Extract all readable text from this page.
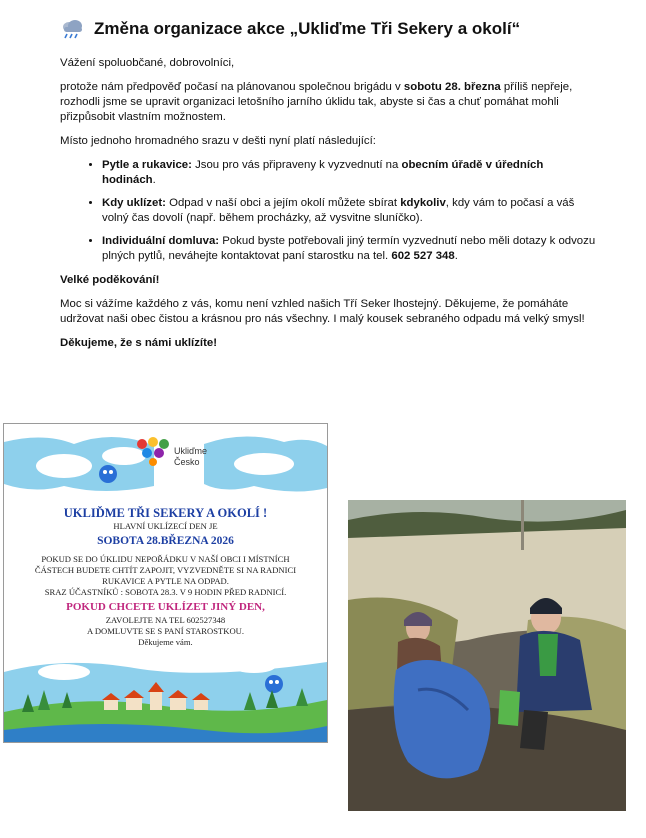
Změna organizace akce „Ukliďme Tři Sekery a okolí“

Vážení spoluobčané, dobrovolníci,

protože nám předpověď počasí na plánovanou společnou brigádu v sobotu 28. března příliš nepřeje, rozhodli jsme se upravit organizaci letošního jarního úklidu tak, abyste si čas a chuť pomáhat mohli přizpůsobit vlastním možnostem.

Místo jednoho hromadného srazu v dešti nyní platí následující:

• Pytle a rukavice: Jsou pro vás připraveny k vyzvednutí na obecním úřadě v úředních hodinách.
• Kdy uklízet: Odpad v naší obci a jejím okolí můžete sbírat kdykoliv, kdy vám to počasí a váš volný čas dovolí (např. během procházky, až vysvitne sluníčko).
• Individuální domluva: Pokud byste potřebovali jiný termín vyzvednutí nebo měli dotazy k odvozu plných pytlů, neváhejte kontaktovat paní starostku na tel. 602 527 348.

Velké poděkování!

Moc si vážíme každého z vás, komu není vzhled našich Tří Seker lhostejný. Děkujeme, že pomáháte udržovat naši obec čistou a krásnou pro nás všechny. I malý kousek sebraného odpadu má velký smysl!

Děkujeme, že s námi uklízíte!

Ukliďme
Česko

UKLIĎME TŘI SEKERY A OKOLÍ !

HLAVNÍ UKLÍZECÍ DEN JE

SOBOTA 28.BŘEZNA 2026

POKUD SE DO ÚKLIDU NEPOŘÁDKU V NAŠÍ OBCI I MÍSTNÍCH

ČÁSTECH BUDETE CHTÍT ZAPOJIT, VYZVEDNĚTE SI NA RADNICI

RUKAVICE A PYTLE NA ODPAD.

SRAZ ÚČASTNÍKŮ : SOBOTA 28.3. V 9 HODIN PŘED RADNICÍ.

POKUD CHCETE UKLÍZET JINÝ DEN,

ZAVOLEJTE NA TEL 602527348

A DOMLUVTE SE S PANÍ STAROSTKOU.

Děkujeme vám.
